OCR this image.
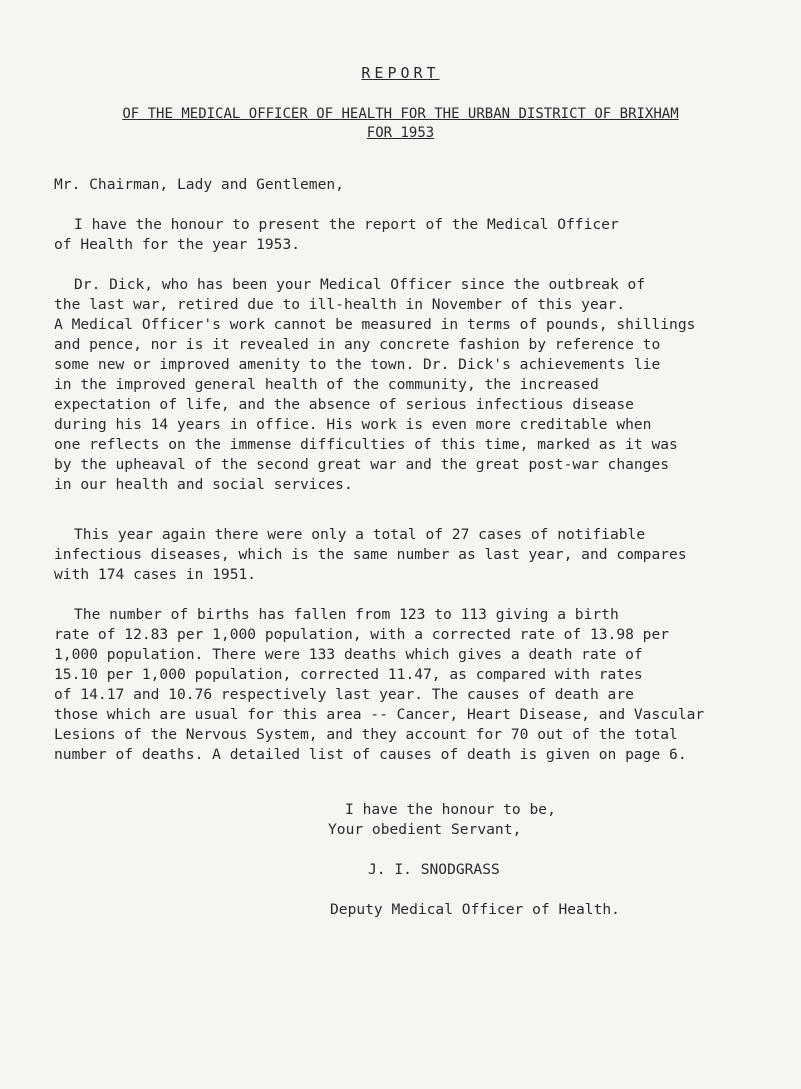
REPORT
OF THE MEDICAL OFFICER OF HEALTH FOR THE URBAN DISTRICT OF BRIXHAM
FOR 1953
Mr. Chairman, Lady and Gentlemen,

I have the honour to present the report of the Medical Officer

of Health for the year 1953.

Dr. Dick, who has been your Medical Officer since the outbreak of

the last war, retired due to ill-health in November of this year.

A Medical Officer's work cannot be measured in terms of pounds, shillings

and pence, nor is it revealed in any concrete fashion by reference to

some new or improved amenity to the town. Dr. Dick's achievements lie

in the improved general health of the community, the increased

expectation of life, and the absence of serious infectious disease

during his 14 years in office. His work is even more creditable when

one reflects on the immense difficulties of this time, marked as it was

by the upheaval of the second great war and the great post-war changes

in our health and social services.

This year again there were only a total of 27 cases of notifiable

infectious diseases, which is the same number as last year, and compares

with 174 cases in 1951.

The number of births has fallen from 123 to 113 giving a birth

rate of 12.83 per 1,000 population, with a corrected rate of 13.98 per

1,000 population. There were 133 deaths which gives a death rate of

15.10 per 1,000 population, corrected 11.47, as compared with rates

of 14.17 and 10.76 respectively last year. The causes of death are

those which are usual for this area -- Cancer, Heart Disease, and Vascular

Lesions of the Nervous System, and they account for 70 out of the total

number of deaths. A detailed list of causes of death is given on page 6.

I have the honour to be,
Your obedient Servant,
J. I. SNODGRASS
Deputy Medical Officer of Health.
